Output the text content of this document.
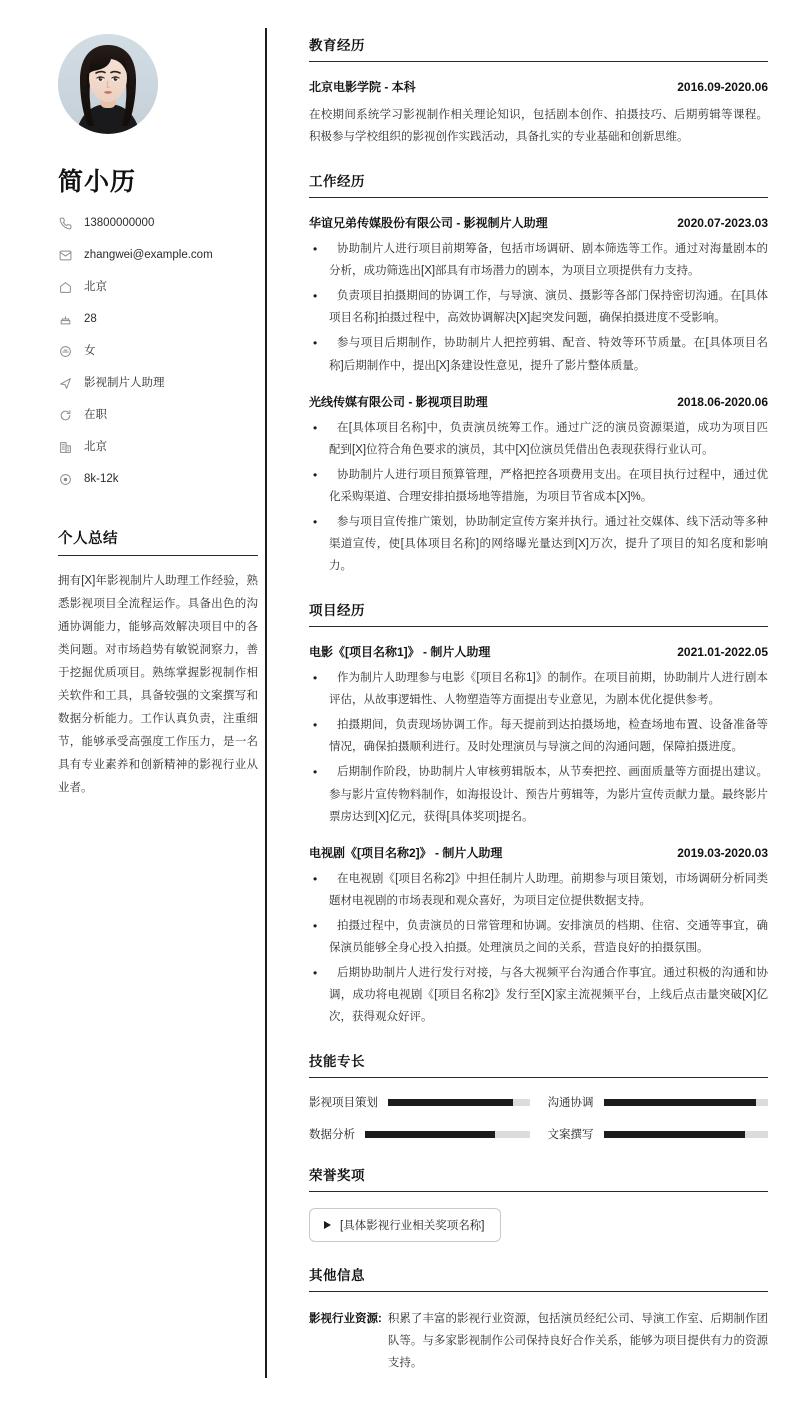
简小历
13800000000
zhangwei@example.com
北京
28
女
影视制片人助理
在职
北京
8k-12k
个人总结

拥有[X]年影视制片人助理工作经验，熟悉影视项目全流程运作。具备出色的沟通协调能力，能够高效解决项目中的各类问题。对市场趋势有敏锐洞察力，善于挖掘优质项目。熟练掌握影视制作相关软件和工具，具备较强的文案撰写和数据分析能力。工作认真负责，注重细节，能够承受高强度工作压力，是一名具有专业素养和创新精神的影视行业从业者。

教育经历
北京电影学院 - 本科	2016.09-2020.06

在校期间系统学习影视制作相关理论知识，包括剧本创作、拍摄技巧、后期剪辑等课程。积极参与学校组织的影视创作实践活动，具备扎实的专业基础和创新思维。

工作经历
华谊兄弟传媒股份有限公司 - 影视制片人助理	2020.07-2023.03
• 协助制片人进行项目前期筹备，包括市场调研、剧本筛选等工作。通过对海量剧本的分析，成功筛选出[X]部具有市场潜力的剧本，为项目立项提供有力支持。
• 负责项目拍摄期间的协调工作，与导演、演员、摄影等各部门保持密切沟通。在[具体项目名称]拍摄过程中，高效协调解决[X]起突发问题，确保拍摄进度不受影响。
• 参与项目后期制作，协助制片人把控剪辑、配音、特效等环节质量。在[具体项目名称]后期制作中，提出[X]条建设性意见，提升了影片整体质量。
光线传媒有限公司 - 影视项目助理	2018.06-2020.06
• 在[具体项目名称]中，负责演员统筹工作。通过广泛的演员资源渠道，成功为项目匹配到[X]位符合角色要求的演员，其中[X]位演员凭借出色表现获得行业认可。
• 协助制片人进行项目预算管理，严格把控各项费用支出。在项目执行过程中，通过优化采购渠道、合理安排拍摄场地等措施，为项目节省成本[X]%。
• 参与项目宣传推广策划，协助制定宣传方案并执行。通过社交媒体、线下活动等多种渠道宣传，使[具体项目名称]的网络曝光量达到[X]万次，提升了项目的知名度和影响力。
项目经历
电影《[项目名称1]》 - 制片人助理	2021.01-2022.05
• 作为制片人助理参与电影《[项目名称1]》的制作。在项目前期，协助制片人进行剧本评估，从故事逻辑性、人物塑造等方面提出专业意见，为剧本优化提供参考。
• 拍摄期间，负责现场协调工作。每天提前到达拍摄场地，检查场地布置、设备准备等情况，确保拍摄顺利进行。及时处理演员与导演之间的沟通问题，保障拍摄进度。
• 后期制作阶段，协助制片人审核剪辑版本，从节奏把控、画面质量等方面提出建议。参与影片宣传物料制作，如海报设计、预告片剪辑等，为影片宣传贡献力量。最终影片票房达到[X]亿元，获得[具体奖项]提名。
电视剧《[项目名称2]》 - 制片人助理	2019.03-2020.03
• 在电视剧《[项目名称2]》中担任制片人助理。前期参与项目策划，市场调研分析同类题材电视剧的市场表现和观众喜好，为项目定位提供数据支持。
• 拍摄过程中，负责演员的日常管理和协调。安排演员的档期、住宿、交通等事宜，确保演员能够全身心投入拍摄。处理演员之间的关系，营造良好的拍摄氛围。
• 后期协助制片人进行发行对接，与各大视频平台沟通合作事宜。通过积极的沟通和协调，成功将电视剧《[项目名称2]》发行至[X]家主流视频平台，上线后点击量突破[X]亿次，获得观众好评。
技能专长
影视项目策划	沟通协调
数据分析	文案撰写
荣誉奖项
[具体影视行业相关奖项名称]
其他信息
影视行业资源: 积累了丰富的影视行业资源，包括演员经纪公司、导演工作室、后期制作团队等。与多家影视制作公司保持良好合作关系，能够为项目提供有力的资源支持。
